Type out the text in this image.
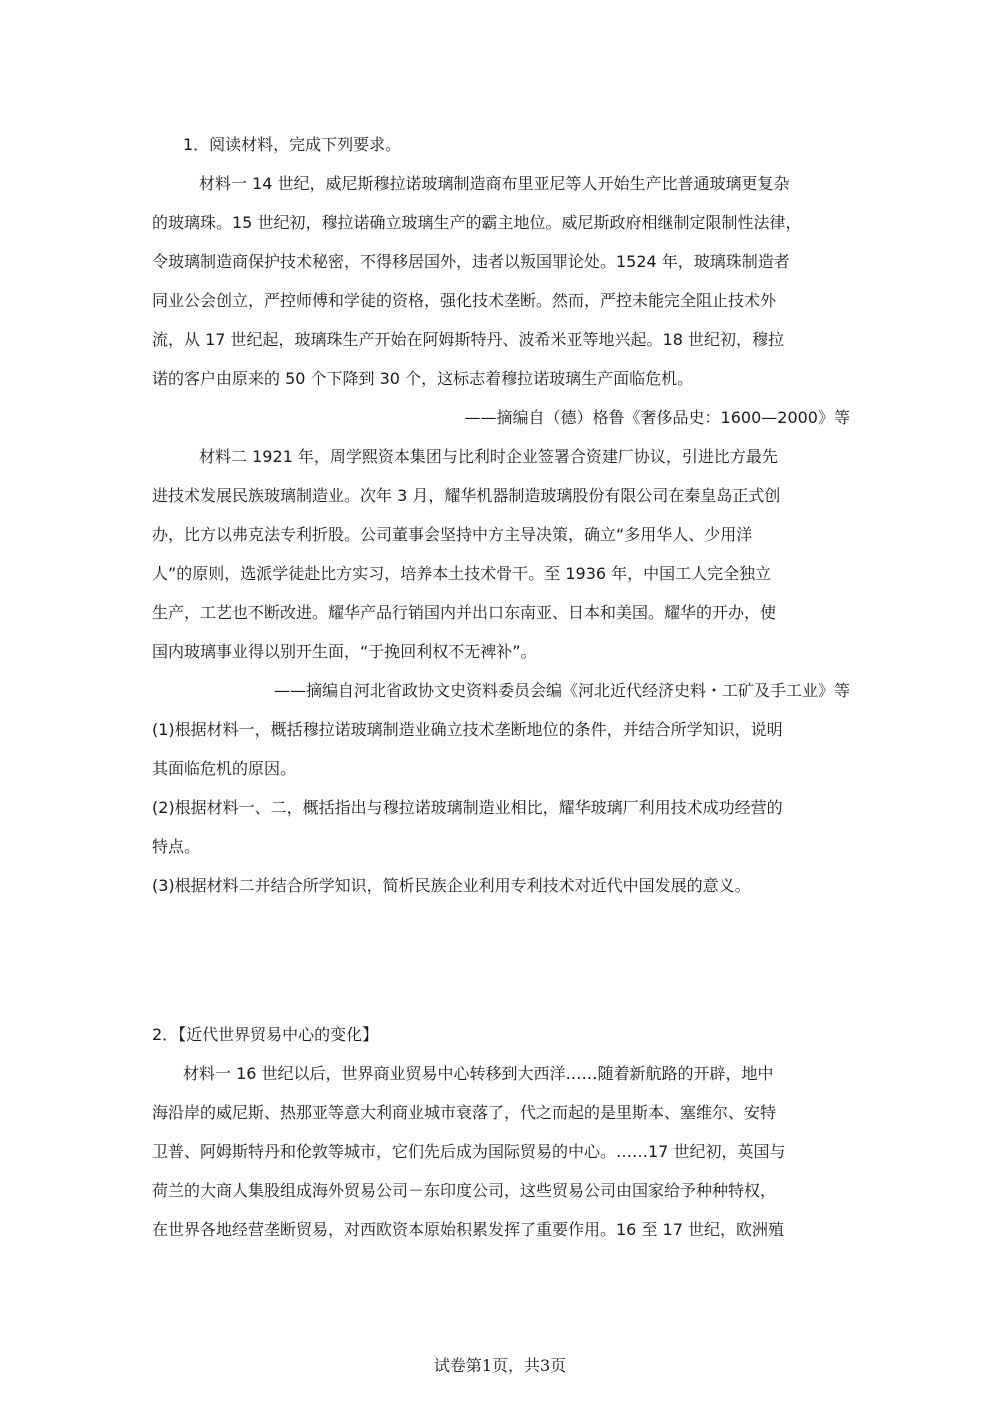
1．阅读材料，完成下列要求。
材料一 14 世纪，威尼斯穆拉诺玻璃制造商布里亚尼等人开始生产比普通玻璃更复杂
的玻璃珠。15 世纪初，穆拉诺确立玻璃生产的霸主地位。威尼斯政府相继制定限制性法律，
令玻璃制造商保护技术秘密，不得移居国外，违者以叛国罪论处。1524 年，玻璃珠制造者
同业公会创立，严控师傅和学徒的资格，强化技术垄断。然而，严控未能完全阻止技术外
流，从 17 世纪起，玻璃珠生产开始在阿姆斯特丹、波希米亚等地兴起。18 世纪初，穆拉
诺的客户由原来的 50 个下降到 30 个，这标志着穆拉诺玻璃生产面临危机。
——摘编自（德）格鲁《奢侈品史：1600—2000》等
材料二 1921 年，周学熙资本集团与比利时企业签署合资建厂协议，引进比方最先
进技术发展民族玻璃制造业。次年 3 月，耀华机器制造玻璃股份有限公司在秦皇岛正式创
办，比方以弗克法专利折股。公司董事会坚持中方主导决策，确立“多用华人、少用洋
人”的原则，选派学徒赴比方实习，培养本土技术骨干。至 1936 年，中国工人完全独立
生产，工艺也不断改进。耀华产品行销国内并出口东南亚、日本和美国。耀华的开办，使
国内玻璃事业得以别开生面，“于挽回利权不无裨补”。
——摘编自河北省政协文史资料委员会编《河北近代经济史料・工矿及手工业》等
(1)根据材料一，概括穆拉诺玻璃制造业确立技术垄断地位的条件，并结合所学知识，说明
其面临危机的原因。
(2)根据材料一、二，概括指出与穆拉诺玻璃制造业相比，耀华玻璃厂利用技术成功经营的
特点。
(3)根据材料二并结合所学知识，简析民族企业利用专利技术对近代中国发展的意义。
2．【近代世界贸易中心的变化】
材料一 16 世纪以后，世界商业贸易中心转移到大西洋……随着新航路的开辟，地中
海沿岸的威尼斯、热那亚等意大利商业城市衰落了，代之而起的是里斯本、塞维尔、安特
卫普、阿姆斯特丹和伦敦等城市，它们先后成为国际贸易的中心。……17 世纪初，英国与
荷兰的大商人集股组成海外贸易公司－东印度公司，这些贸易公司由国家给予种种特权，
在世界各地经营垄断贸易，对西欧资本原始积累发挥了重要作用。16 至 17 世纪，欧洲殖
试卷第1页，共3页
